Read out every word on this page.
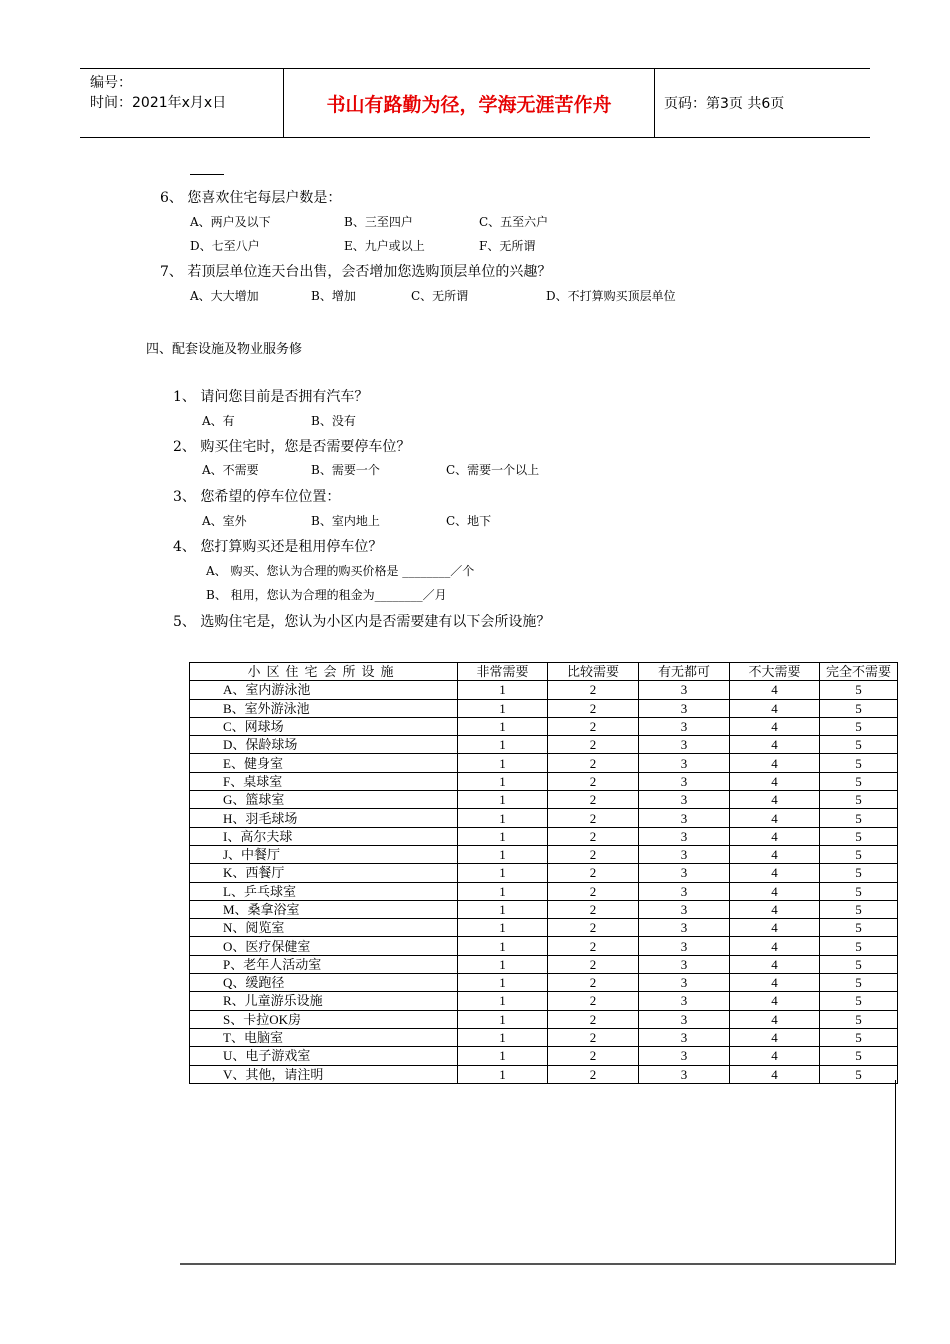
编号：
时间：2021年x月x日	书山有路勤为径，学海无涯苦作舟	页码：第3页 共6页
6、 您喜欢住宅每层户数是：
A、两户及以下	B、三至四户	C、五至六户
D、七至八户	E、九户或以上	F、无所谓
7、 若顶层单位连天台出售，会否增加您选购顶层单位的兴趣？
A、大大增加	B、增加	C、无所谓	D、不打算购买顶层单位
四、配套设施及物业服务修
1、 请问您目前是否拥有汽车？
A、有	B、没有
2、 购买住宅时，您是否需要停车位？
A、不需要	B、需要一个	C、需要一个以上
3、 您希望的停车位位置：
A、室外	B、室内地上	C、地下
4、 您打算购买还是租用停车位？
A、 购买、您认为合理的购买价格是 ________／个
B、 租用，您认为合理的租金为________／月
5、 选购住宅是，您认为小区内是否需要建有以下会所设施？
小区住宅会所设施	非常需要	比较需要	有无都可	不大需要	完全不需要
A、室内游泳池	1	2	3	4	5
B、室外游泳池	1	2	3	4	5
C、网球场	1	2	3	4	5
D、保龄球场	1	2	3	4	5
E、健身室	1	2	3	4	5
F、桌球室	1	2	3	4	5
G、篮球室	1	2	3	4	5
H、羽毛球场	1	2	3	4	5
I、高尔夫球	1	2	3	4	5
J、中餐厅	1	2	3	4	5
K、西餐厅	1	2	3	4	5
L、乒乓球室	1	2	3	4	5
M、桑拿浴室	1	2	3	4	5
N、阅览室	1	2	3	4	5
O、医疗保健室	1	2	3	4	5
P、老年人活动室	1	2	3	4	5
Q、缓跑径	1	2	3	4	5
R、儿童游乐设施	1	2	3	4	5
S、卡拉OK房	1	2	3	4	5
T、电脑室	1	2	3	4	5
U、电子游戏室	1	2	3	4	5
V、其他，请注明	1	2	3	4	5
